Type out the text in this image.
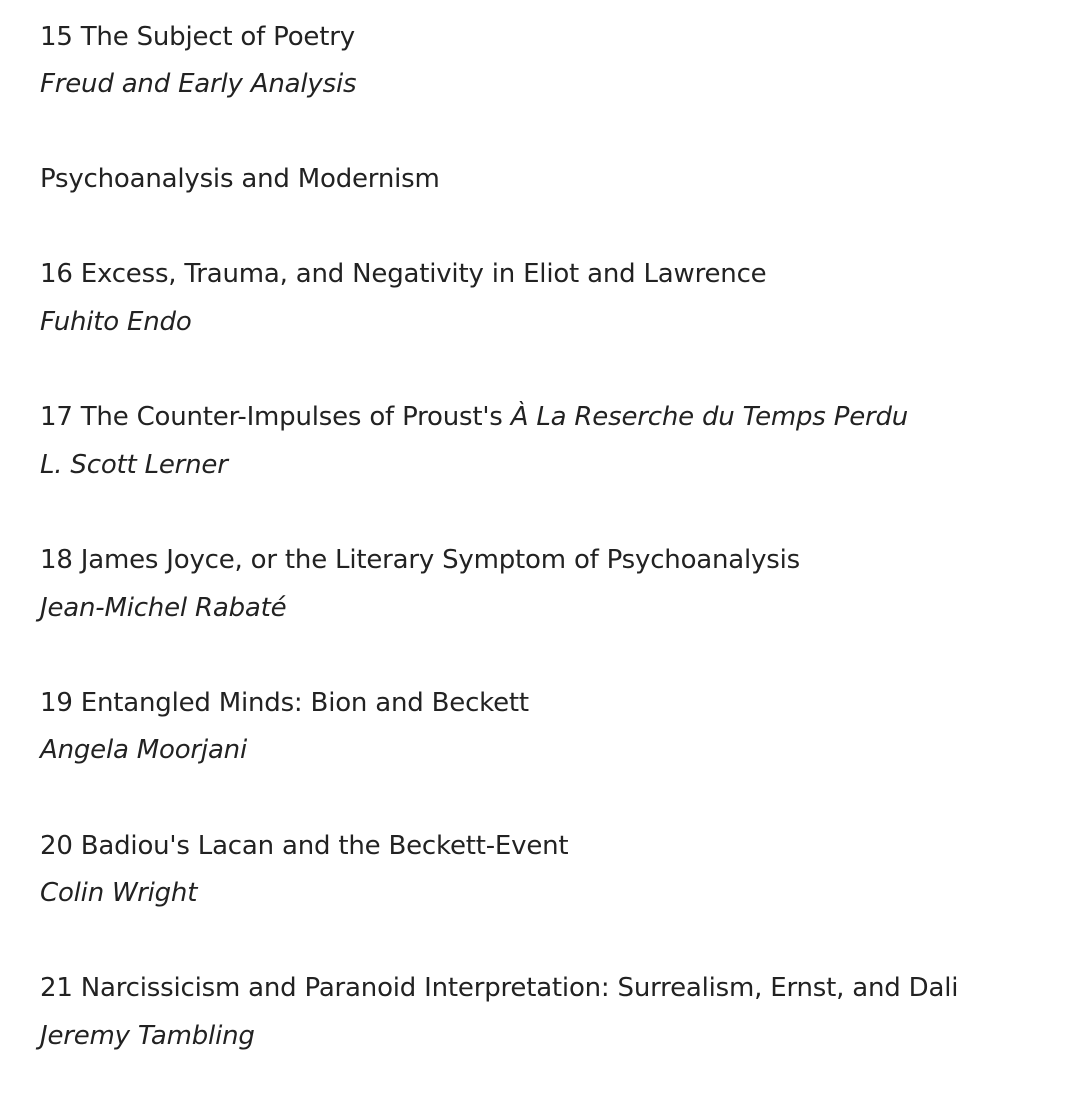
15 The Subject of Poetry
Freud and Early Analysis
Psychoanalysis and Modernism
16 Excess, Trauma, and Negativity in Eliot and Lawrence
Fuhito Endo
17 The Counter-Impulses of Proust's À La Reserche du Temps Perdu
L. Scott Lerner
18 James Joyce, or the Literary Symptom of Psychoanalysis
Jean-Michel Rabaté
19 Entangled Minds: Bion and Beckett
Angela Moorjani
20 Badiou's Lacan and the Beckett-Event
Colin Wright
21 Narcissicism and Paranoid Interpretation: Surrealism, Ernst, and Dali
Jeremy Tambling
